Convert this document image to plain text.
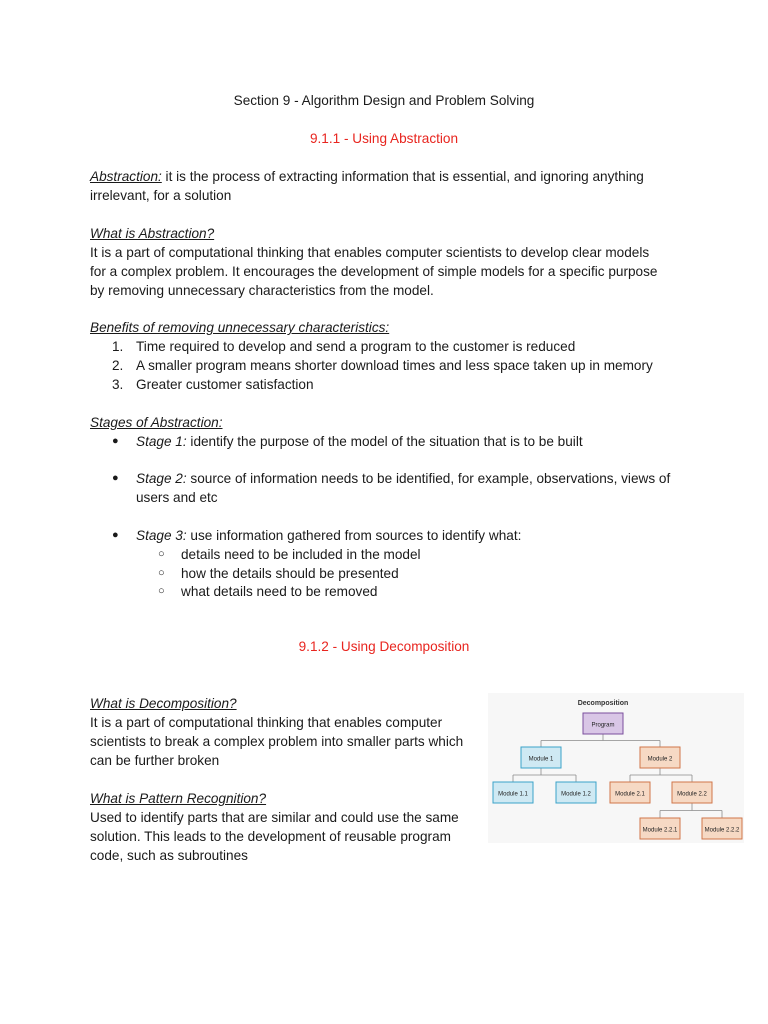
Section 9 - Algorithm Design and Problem Solving
9.1.1 - Using Abstraction

Abstraction: it is the process of extracting information that is essential, and ignoring anything irrelevant, for a solution

What is Abstraction?
It is a part of computational thinking that enables computer scientists to develop clear models
for a complex problem. It encourages the development of simple models for a specific purpose
by removing unnecessary characteristics from the model.
Benefits of removing unnecessary characteristics:
1. Time required to develop and send a program to the customer is reduced
2. A smaller program means shorter download times and less space taken up in memory
3. Greater customer satisfaction
Stages of Abstraction:
● Stage 1: identify the purpose of the model of the situation that is to be built
● Stage 2: source of information needs to be identified, for example, observations, views of
users and etc
● Stage 3: use information gathered from sources to identify what:
○ details need to be included in the model
○ how the details should be presented
○ what details need to be removed
9.1.2 - Using Decomposition
What is Decomposition?
It is a part of computational thinking that enables computer
scientists to break a complex problem into smaller parts which
can be further broken
What is Pattern Recognition?
Used to identify parts that are similar and could use the same
solution. This leads to the development of reusable program
code, such as subroutines
Decomposition
Program
Module 1	Module 2
Module 1.1	Module 1.2	Module 2.1	Module 2.2
Module 2.2.1	Module 2.2.2
